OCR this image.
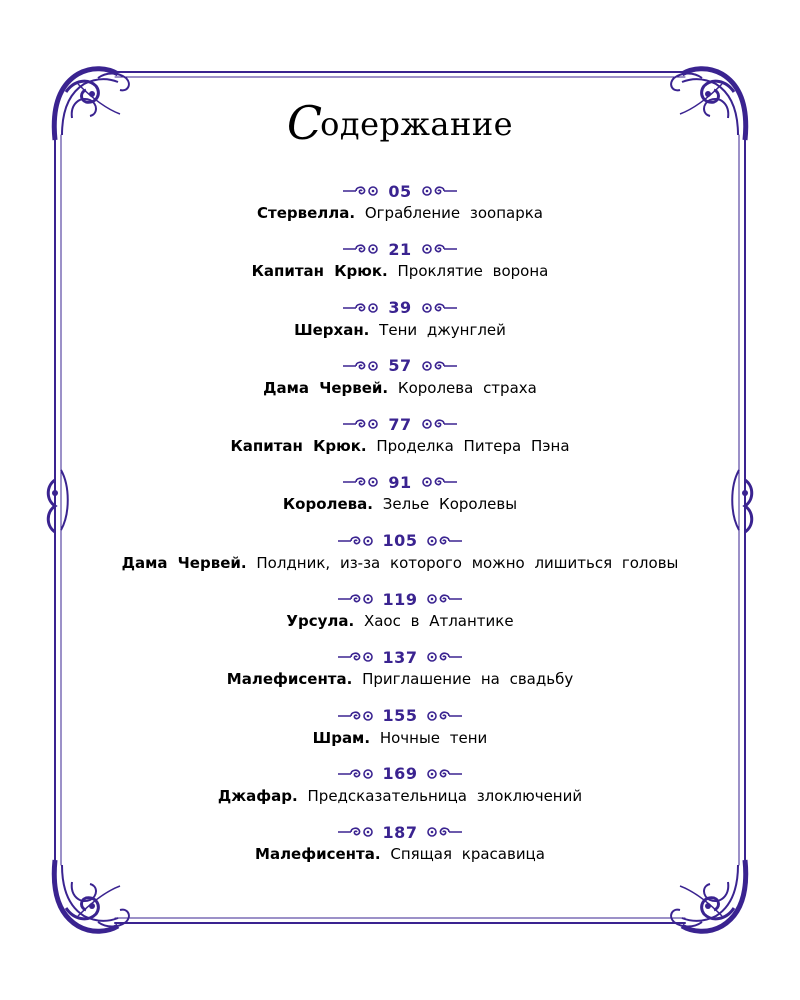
Содержание
05
Стервелла. Ограбление зоопарка
21
Капитан Крюк. Проклятие ворона
39
Шерхан. Тени джунглей
57
Дама Червей. Королева страха
77
Капитан Крюк. Проделка Питера Пэна
91
Королева. Зелье Королевы
105
Дама Червей. Полдник, из-за которого можно лишиться головы
119
Урсула. Хаос в Атлантике
137
Малефисента. Приглашение на свадьбу
155
Шрам. Ночные тени
169
Джафар. Предсказательница злоключений
187
Малефисента. Спящая красавица
